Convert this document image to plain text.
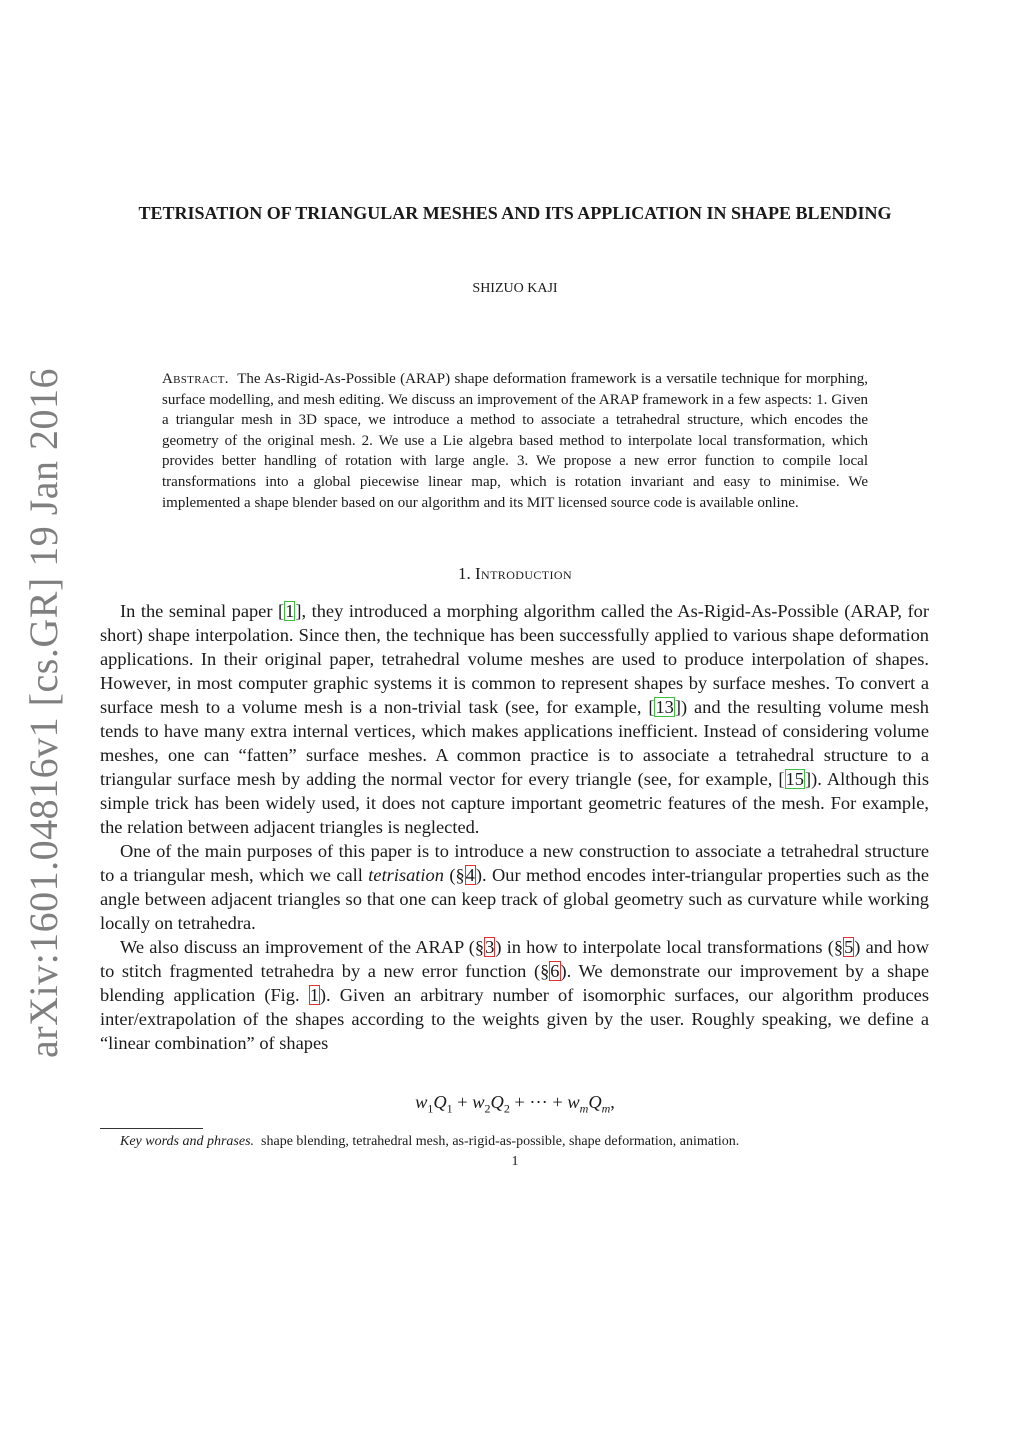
arXiv:1601.04816v1 [cs.GR] 19 Jan 2016
TETRISATION OF TRIANGULAR MESHES AND ITS APPLICATION IN SHAPE BLENDING
SHIZUO KAJI

Abstract. The As-Rigid-As-Possible (ARAP) shape deformation framework is a versatile technique for morphing, surface modelling, and mesh editing. We discuss an improvement of the ARAP framework in a few aspects: 1. Given a triangular mesh in 3D space, we introduce a method to associate a tetrahedral structure, which encodes the geometry of the original mesh. 2. We use a Lie algebra based method to interpolate local transformation, which provides better handling of rotation with large angle. 3. We propose a new error function to compile local transformations into a global piecewise linear map, which is rotation invariant and easy to minimise. We implemented a shape blender based on our algorithm and its MIT licensed source code is available online.

1. Introduction

In the seminal paper [1], they introduced a morphing algorithm called the As-Rigid-As-Possible (ARAP, for short) shape interpolation. Since then, the technique has been successfully applied to various shape deformation applications. In their original paper, tetrahedral volume meshes are used to produce interpolation of shapes. However, in most computer graphic systems it is common to represent shapes by surface meshes. To convert a surface mesh to a volume mesh is a non-trivial task (see, for example, [13]) and the resulting volume mesh tends to have many extra internal vertices, which makes applications inefficient. Instead of considering volume meshes, one can “fatten” surface meshes. A common practice is to associate a tetrahedral structure to a triangular surface mesh by adding the normal vector for every triangle (see, for example, [15]). Although this simple trick has been widely used, it does not capture important geometric features of the mesh. For example, the relation between adjacent triangles is neglected.

One of the main purposes of this paper is to introduce a new construction to associate a tetrahedral structure to a triangular mesh, which we call tetrisation (§4). Our method encodes inter-triangular properties such as the angle between adjacent triangles so that one can keep track of global geometry such as curvature while working locally on tetrahedra.

We also discuss an improvement of the ARAP (§3) in how to interpolate local transformations (§5) and how to stitch fragmented tetrahedra by a new error function (§6). We demonstrate our improvement by a shape blending application (Fig. 1). Given an arbitrary number of isomorphic surfaces, our algorithm produces inter/extrapolation of the shapes according to the weights given by the user. Roughly speaking, we define a “linear combination” of shapes

$w_1Q_1 + w_2Q_2$ + ··· + $w_mQ_m$,
Key words and phrases. shape blending, tetrahedral mesh, as-rigid-as-possible, shape deformation, animation.
1
